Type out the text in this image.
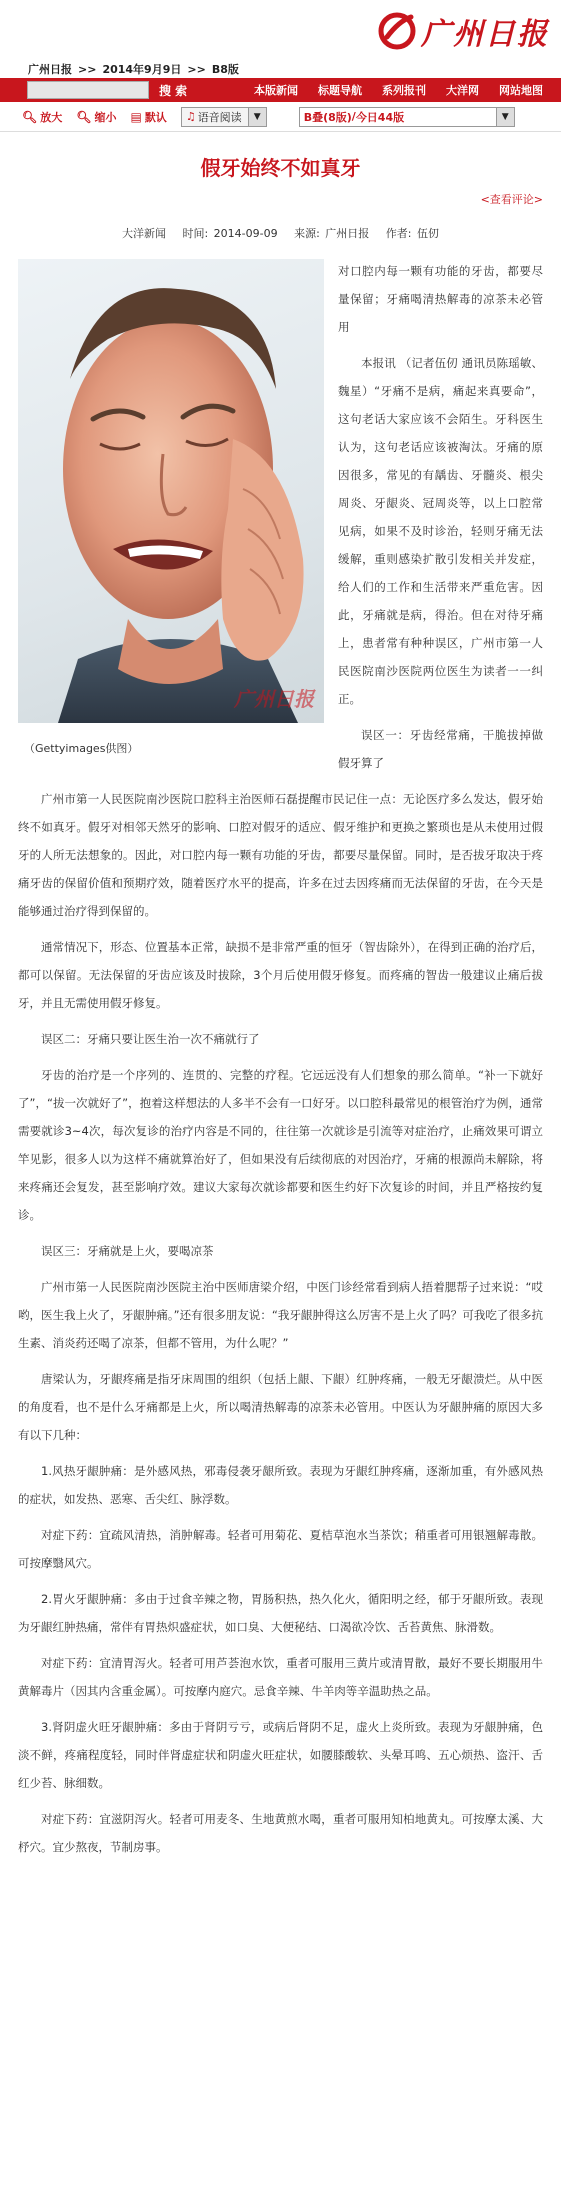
广州日报
广州日报 >> 2014年9月9日 >> B8版
搜 索	本版新闻	标题导航	系列报刊	大洋网	网站地图
🔍︎ 放大 🔍︎ 缩小 ▤ 默认 ♫ 语音阅读	▼	B叠(8版) / 今日44版	▼
假牙始终不如真牙
<查看评论>
大洋新闻　 时间: 2014-09-09　 来源: 广州日报　 作者: 伍仞
广州日报
（Gettyimages供图）

对口腔内每一颗有功能的牙齿，都要尽量保留；牙痛喝清热解毒的凉茶未必管用

本报讯 （记者伍仞 通讯员陈瑶敏、魏星）“牙痛不是病，痛起来真要命”，这句老话大家应该不会陌生。牙科医生认为，这句老话应该被淘汰。牙痛的原因很多，常见的有龋齿、牙髓炎、根尖周炎、牙龈炎、冠周炎等，以上口腔常见病，如果不及时诊治，轻则牙痛无法缓解，重则感染扩散引发相关并发症，给人们的工作和生活带来严重危害。因此，牙痛就是病，得治。但在对待牙痛上，患者常有种种误区，广州市第一人民医院南沙医院两位医生为读者一一纠正。

误区一：牙齿经常痛，干脆拔掉做假牙算了

广州市第一人民医院南沙医院口腔科主治医师石磊提醒市民记住一点：无论医疗多么发达，假牙始终不如真牙。假牙对相邻天然牙的影响、口腔对假牙的适应、假牙维护和更换之繁琐也是从未使用过假牙的人所无法想象的。因此，对口腔内每一颗有功能的牙齿，都要尽量保留。同时，是否拔牙取决于疼痛牙齿的保留价值和预期疗效，随着医疗水平的提高，许多在过去因疼痛而无法保留的牙齿，在今天是能够通过治疗得到保留的。

通常情况下，形态、位置基本正常，缺损不是非常严重的恒牙（智齿除外），在得到正确的治疗后，都可以保留。无法保留的牙齿应该及时拔除，3个月后使用假牙修复。而疼痛的智齿一般建议止痛后拔牙，并且无需使用假牙修复。

误区二：牙痛只要让医生治一次不痛就行了

牙齿的治疗是一个序列的、连贯的、完整的疗程。它远远没有人们想象的那么简单。“补一下就好了”，“拔一次就好了”，抱着这样想法的人多半不会有一口好牙。以口腔科最常见的根管治疗为例，通常需要就诊3~4次，每次复诊的治疗内容是不同的，往往第一次就诊是引流等对症治疗，止痛效果可谓立竿见影，很多人以为这样不痛就算治好了，但如果没有后续彻底的对因治疗，牙痛的根源尚未解除，将来疼痛还会复发，甚至影响疗效。建议大家每次就诊都要和医生约好下次复诊的时间，并且严格按约复诊。

误区三：牙痛就是上火，要喝凉茶

广州市第一人民医院南沙医院主治中医师唐梁介绍，中医门诊经常看到病人捂着腮帮子过来说：“哎哟，医生我上火了，牙龈肿痛。”还有很多朋友说：“我牙龈肿得这么厉害不是上火了吗？可我吃了很多抗生素、消炎药还喝了凉茶，但都不管用，为什么呢？”

唐梁认为，牙龈疼痛是指牙床周围的组织（包括上龈、下龈）红肿疼痛，一般无牙龈溃烂。从中医的角度看，也不是什么牙痛都是上火，所以喝清热解毒的凉茶未必管用。中医认为牙龈肿痛的原因大多有以下几种：

1.风热牙龈肿痛：是外感风热，邪毒侵袭牙龈所致。表现为牙龈红肿疼痛，逐渐加重，有外感风热的症状，如发热、恶寒、舌尖红、脉浮数。

对症下药：宜疏风清热，消肿解毒。轻者可用菊花、夏桔草泡水当茶饮；稍重者可用银翘解毒散。可按摩翳风穴。

2.胃火牙龈肿痛：多由于过食辛辣之物，胃肠积热，热久化火，循阳明之经，郁于牙龈所致。表现为牙龈红肿热痛，常伴有胃热炽盛症状，如口臭、大便秘结、口渴欲冷饮、舌苔黄焦、脉滑数。

对症下药：宜清胃泻火。轻者可用芦荟泡水饮，重者可服用三黄片或清胃散，最好不要长期服用牛黄解毒片（因其内含重金属）。可按摩内庭穴。忌食辛辣、牛羊肉等辛温助热之品。

3.肾阴虚火旺牙龈肿痛：多由于肾阴亏亏，或病后肾阴不足，虚火上炎所致。表现为牙龈肿痛，色淡不鲜，疼痛程度轻，同时伴肾虚症状和阴虚火旺症状，如腰膝酸软、头晕耳鸣、五心烦热、盗汗、舌红少苔、脉细数。

对症下药：宜滋阴泻火。轻者可用麦冬、生地黄煎水喝，重者可服用知柏地黄丸。可按摩太溪、大杼穴。宜少熬夜，节制房事。
